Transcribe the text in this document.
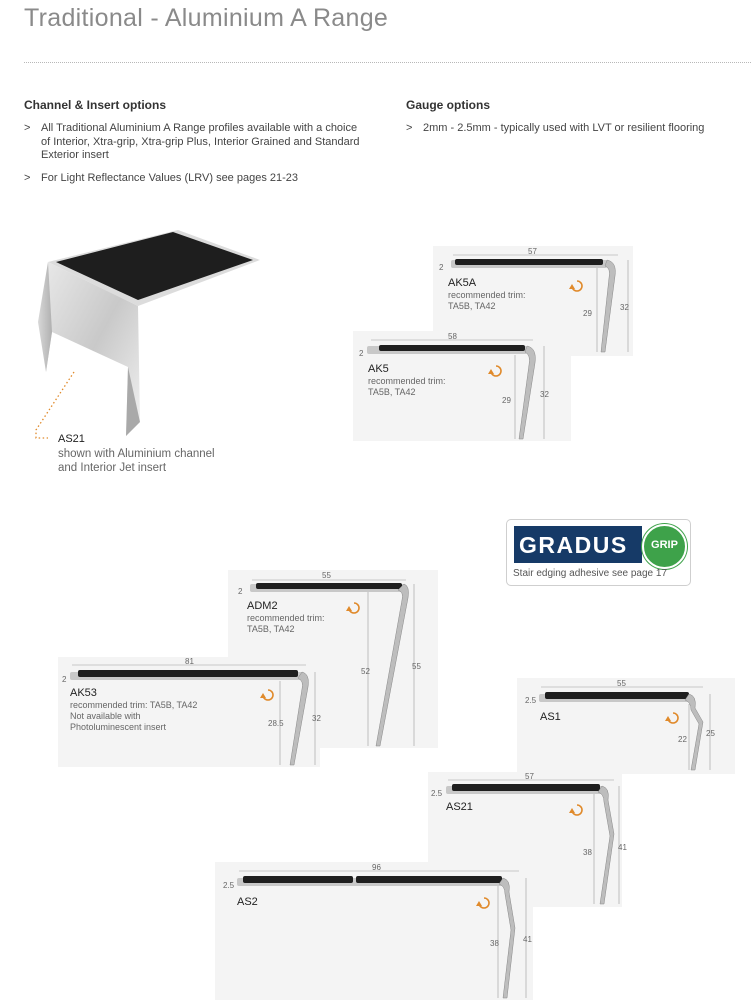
Traditional - Aluminium A Range
Channel & Insert options
> All Traditional Aluminium A Range profiles available with a choice of Interior, Xtra-grip, Xtra-grip Plus, Interior Grained and Standard Exterior insert
> For Light Reflectance Values (LRV) see pages 21-23
Gauge options
> 2mm - 2.5mm - typically used with LVT or resilient flooring
AS21
shown with Aluminium channel
and Interior Jet insert
57
2
29
32
AK5A
recommended trim:
TA5B, TA42
58
2
29
32
AK5
recommended trim:
TA5B, TA42
GRADUS	GRIP
Stair edging adhesive see page 17
55
2
52
55
ADM2
recommended trim:
TA5B, TA42
81
2
28.5
32
AK53
recommended trim: TA5B, TA42
Not available with
Photoluminescent insert
55
2.5
22
25
AS1
57
2.5
38
41
AS21
96
2.5
38	41
AS2
